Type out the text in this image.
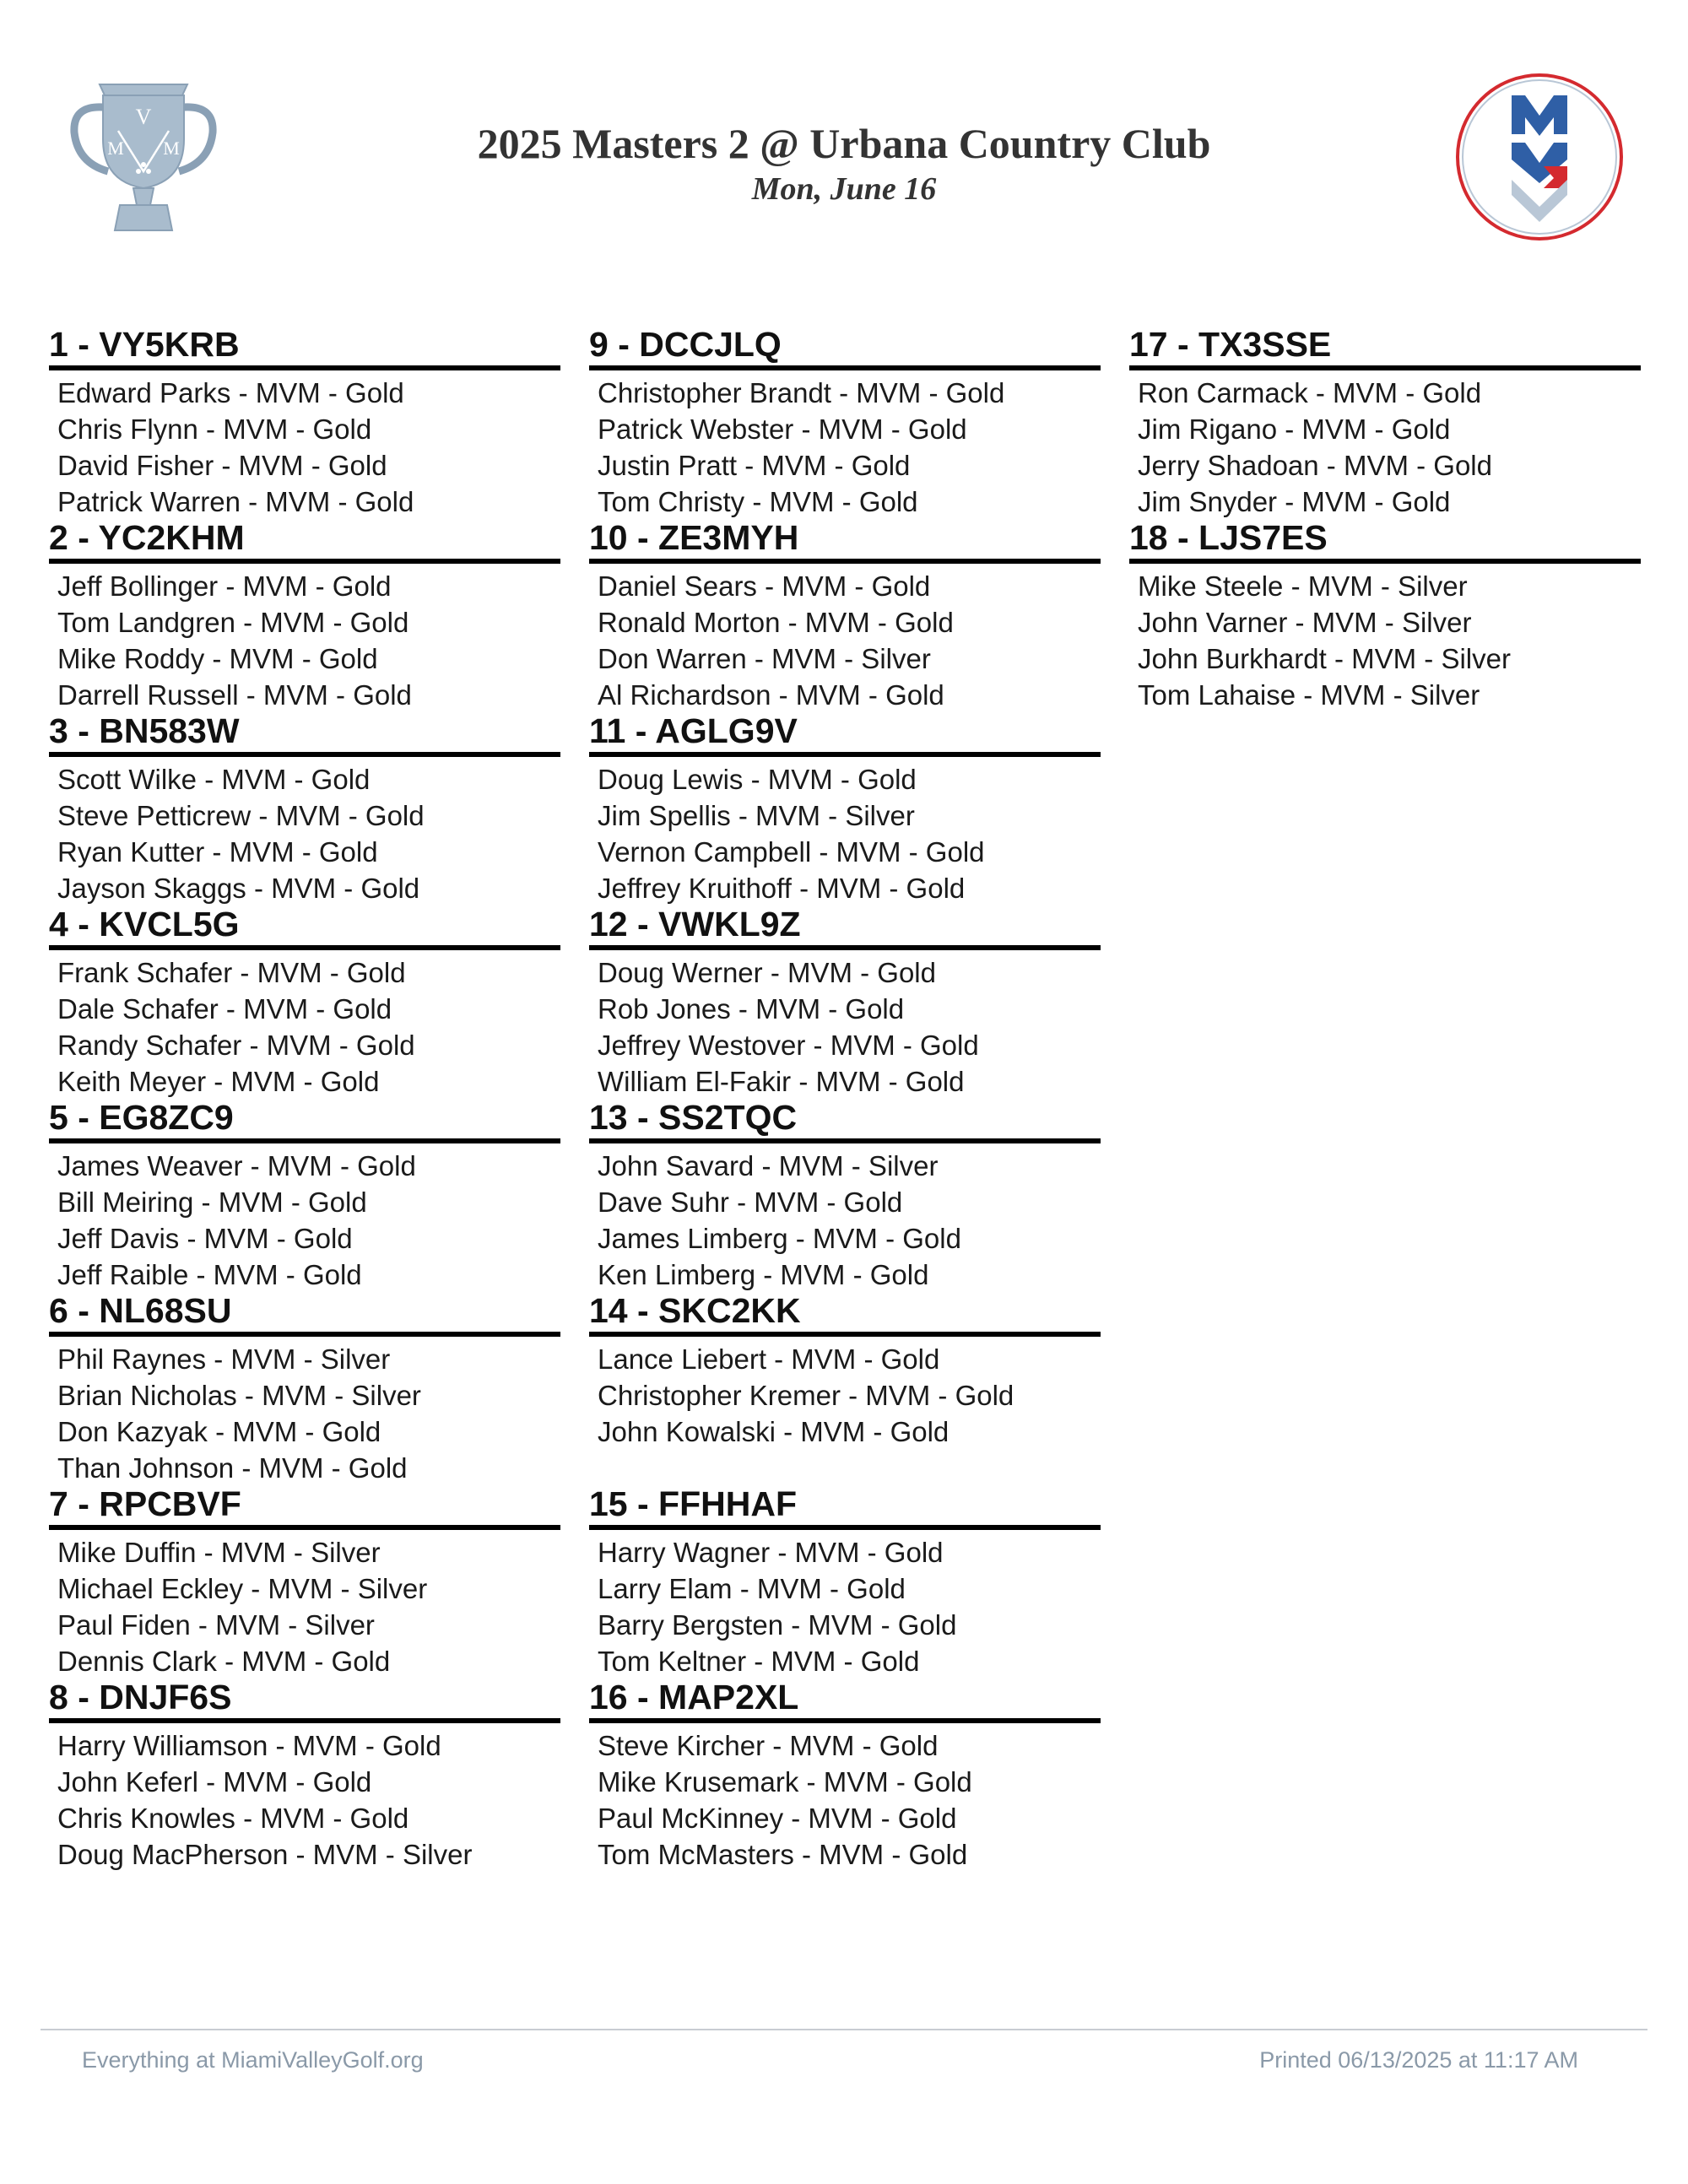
V
M M	2025 Masters 2 @ Urbana Country Club
Mon, June 16
1 - VY5KRB
Edward Parks - MVM - Gold
Chris Flynn - MVM - Gold
David Fisher - MVM - Gold
Patrick Warren - MVM - Gold
2 - YC2KHM
Jeff Bollinger - MVM - Gold
Tom Landgren - MVM - Gold
Mike Roddy - MVM - Gold
Darrell Russell - MVM - Gold
3 - BN583W
Scott Wilke - MVM - Gold
Steve Petticrew - MVM - Gold
Ryan Kutter - MVM - Gold
Jayson Skaggs - MVM - Gold
4 - KVCL5G
Frank Schafer - MVM - Gold
Dale Schafer - MVM - Gold
Randy Schafer - MVM - Gold
Keith Meyer - MVM - Gold
5 - EG8ZC9
James Weaver - MVM - Gold
Bill Meiring - MVM - Gold
Jeff Davis - MVM - Gold
Jeff Raible - MVM - Gold
6 - NL68SU
Phil Raynes - MVM - Silver
Brian Nicholas - MVM - Silver
Don Kazyak - MVM - Gold
Than Johnson - MVM - Gold
7 - RPCBVF
Mike Duffin - MVM - Silver
Michael Eckley - MVM - Silver
Paul Fiden - MVM - Silver
Dennis Clark - MVM - Gold
8 - DNJF6S
Harry Williamson - MVM - Gold
John Keferl - MVM - Gold
Chris Knowles - MVM - Gold
Doug MacPherson - MVM - Silver
9 - DCCJLQ
Christopher Brandt - MVM - Gold
Patrick Webster - MVM - Gold
Justin Pratt - MVM - Gold
Tom Christy - MVM - Gold
10 - ZE3MYH
Daniel Sears - MVM - Gold
Ronald Morton - MVM - Gold
Don Warren - MVM - Silver
Al Richardson - MVM - Gold
11 - AGLG9V
Doug Lewis - MVM - Gold
Jim Spellis - MVM - Silver
Vernon Campbell - MVM - Gold
Jeffrey Kruithoff - MVM - Gold
12 - VWKL9Z
Doug Werner - MVM - Gold
Rob Jones - MVM - Gold
Jeffrey Westover - MVM - Gold
William El-Fakir - MVM - Gold
13 - SS2TQC
John Savard - MVM - Silver
Dave Suhr - MVM - Gold
James Limberg - MVM - Gold
Ken Limberg - MVM - Gold
14 - SKC2KK
Lance Liebert - MVM - Gold
Christopher Kremer - MVM - Gold
John Kowalski - MVM - Gold
15 - FFHHAF
Harry Wagner - MVM - Gold
Larry Elam - MVM - Gold
Barry Bergsten - MVM - Gold
Tom Keltner - MVM - Gold
16 - MAP2XL
Steve Kircher - MVM - Gold
Mike Krusemark - MVM - Gold
Paul McKinney - MVM - Gold
Tom McMasters - MVM - Gold
17 - TX3SSE
Ron Carmack - MVM - Gold
Jim Rigano - MVM - Gold
Jerry Shadoan - MVM - Gold
Jim Snyder - MVM - Gold
18 - LJS7ES
Mike Steele - MVM - Silver
John Varner - MVM - Silver
John Burkhardt - MVM - Silver
Tom Lahaise - MVM - Silver
Everything at MiamiValleyGolf.org	Printed 06/13/2025 at 11:17 AM
